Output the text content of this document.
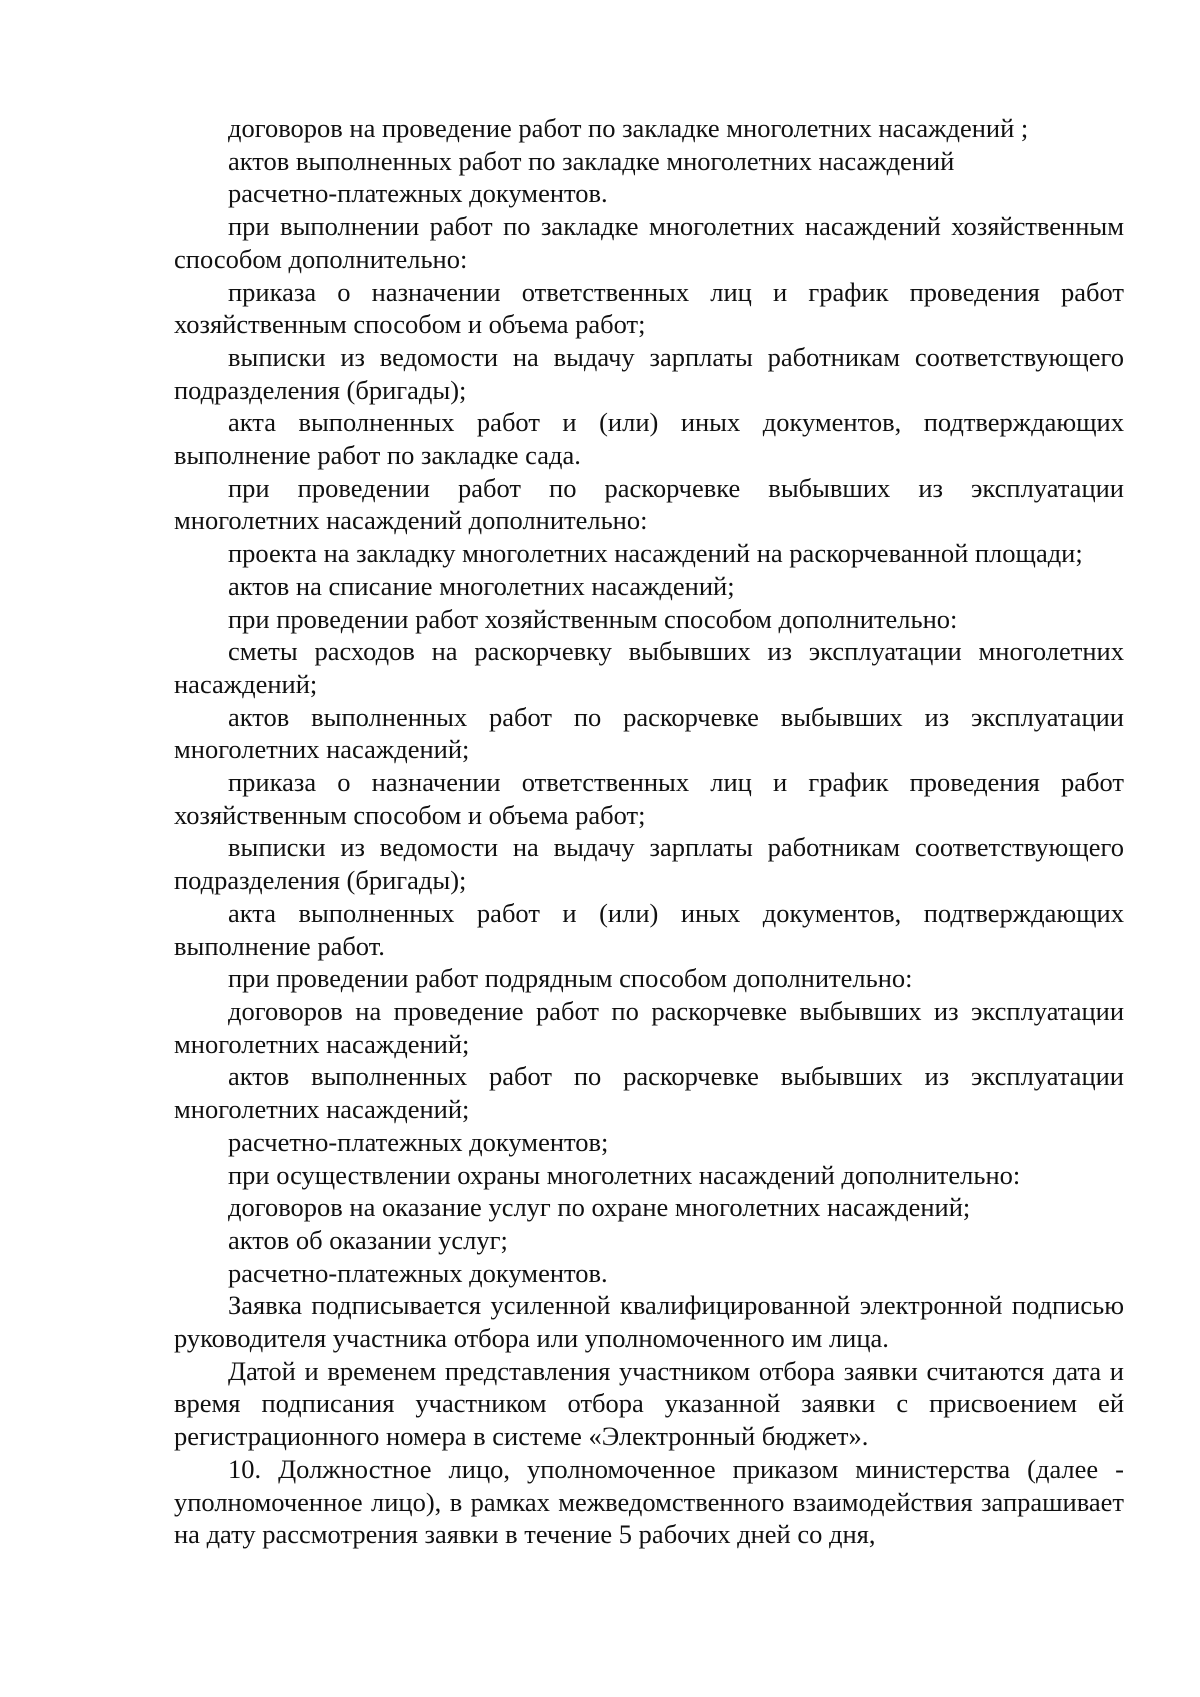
договоров на проведение работ по закладке многолетних насаждений ;

актов выполненных работ по закладке многолетних насаждений

расчетно-платежных документов.

при выполнении работ по закладке многолетних насаждений хозяйственным способом дополнительно:

приказа о назначении ответственных лиц и график проведения работ хозяйственным способом и объема работ;

выписки из ведомости на выдачу зарплаты работникам соответствующего подразделения (бригады);

акта выполненных работ и (или) иных документов, подтверждающих выполнение работ по закладке сада.

при проведении работ по раскорчевке выбывших из эксплуатации многолетних насаждений дополнительно:

проекта на закладку многолетних насаждений на раскорчеванной площади;

актов на списание многолетних насаждений;

при проведении работ хозяйственным способом дополнительно:

сметы расходов на раскорчевку выбывших из эксплуатации многолетних насаждений;

актов выполненных работ по раскорчевке выбывших из эксплуатации многолетних насаждений;

приказа о назначении ответственных лиц и график проведения работ хозяйственным способом и объема работ;

выписки из ведомости на выдачу зарплаты работникам соответствующего подразделения (бригады);

акта выполненных работ и (или) иных документов, подтверждающих выполнение работ.

при проведении работ подрядным способом дополнительно:

договоров на проведение работ по раскорчевке выбывших из эксплуатации многолетних насаждений;

актов выполненных работ по раскорчевке выбывших из эксплуатации многолетних насаждений;

расчетно-платежных документов;

при осуществлении охраны многолетних насаждений дополнительно:

договоров на оказание услуг по охране многолетних насаждений;

актов об оказании услуг;

расчетно-платежных документов.

Заявка подписывается усиленной квалифицированной электронной подписью руководителя участника отбора или уполномоченного им лица.

Датой и временем представления участником отбора заявки считаются дата и время подписания участником отбора указанной заявки с присвоением ей регистрационного номера в системе «Электронный бюджет».

10. Должностное лицо, уполномоченное приказом министерства (далее - уполномоченное лицо), в рамках межведомственного взаимодействия запрашивает на дату рассмотрения заявки в течение 5 рабочих дней со дня,
